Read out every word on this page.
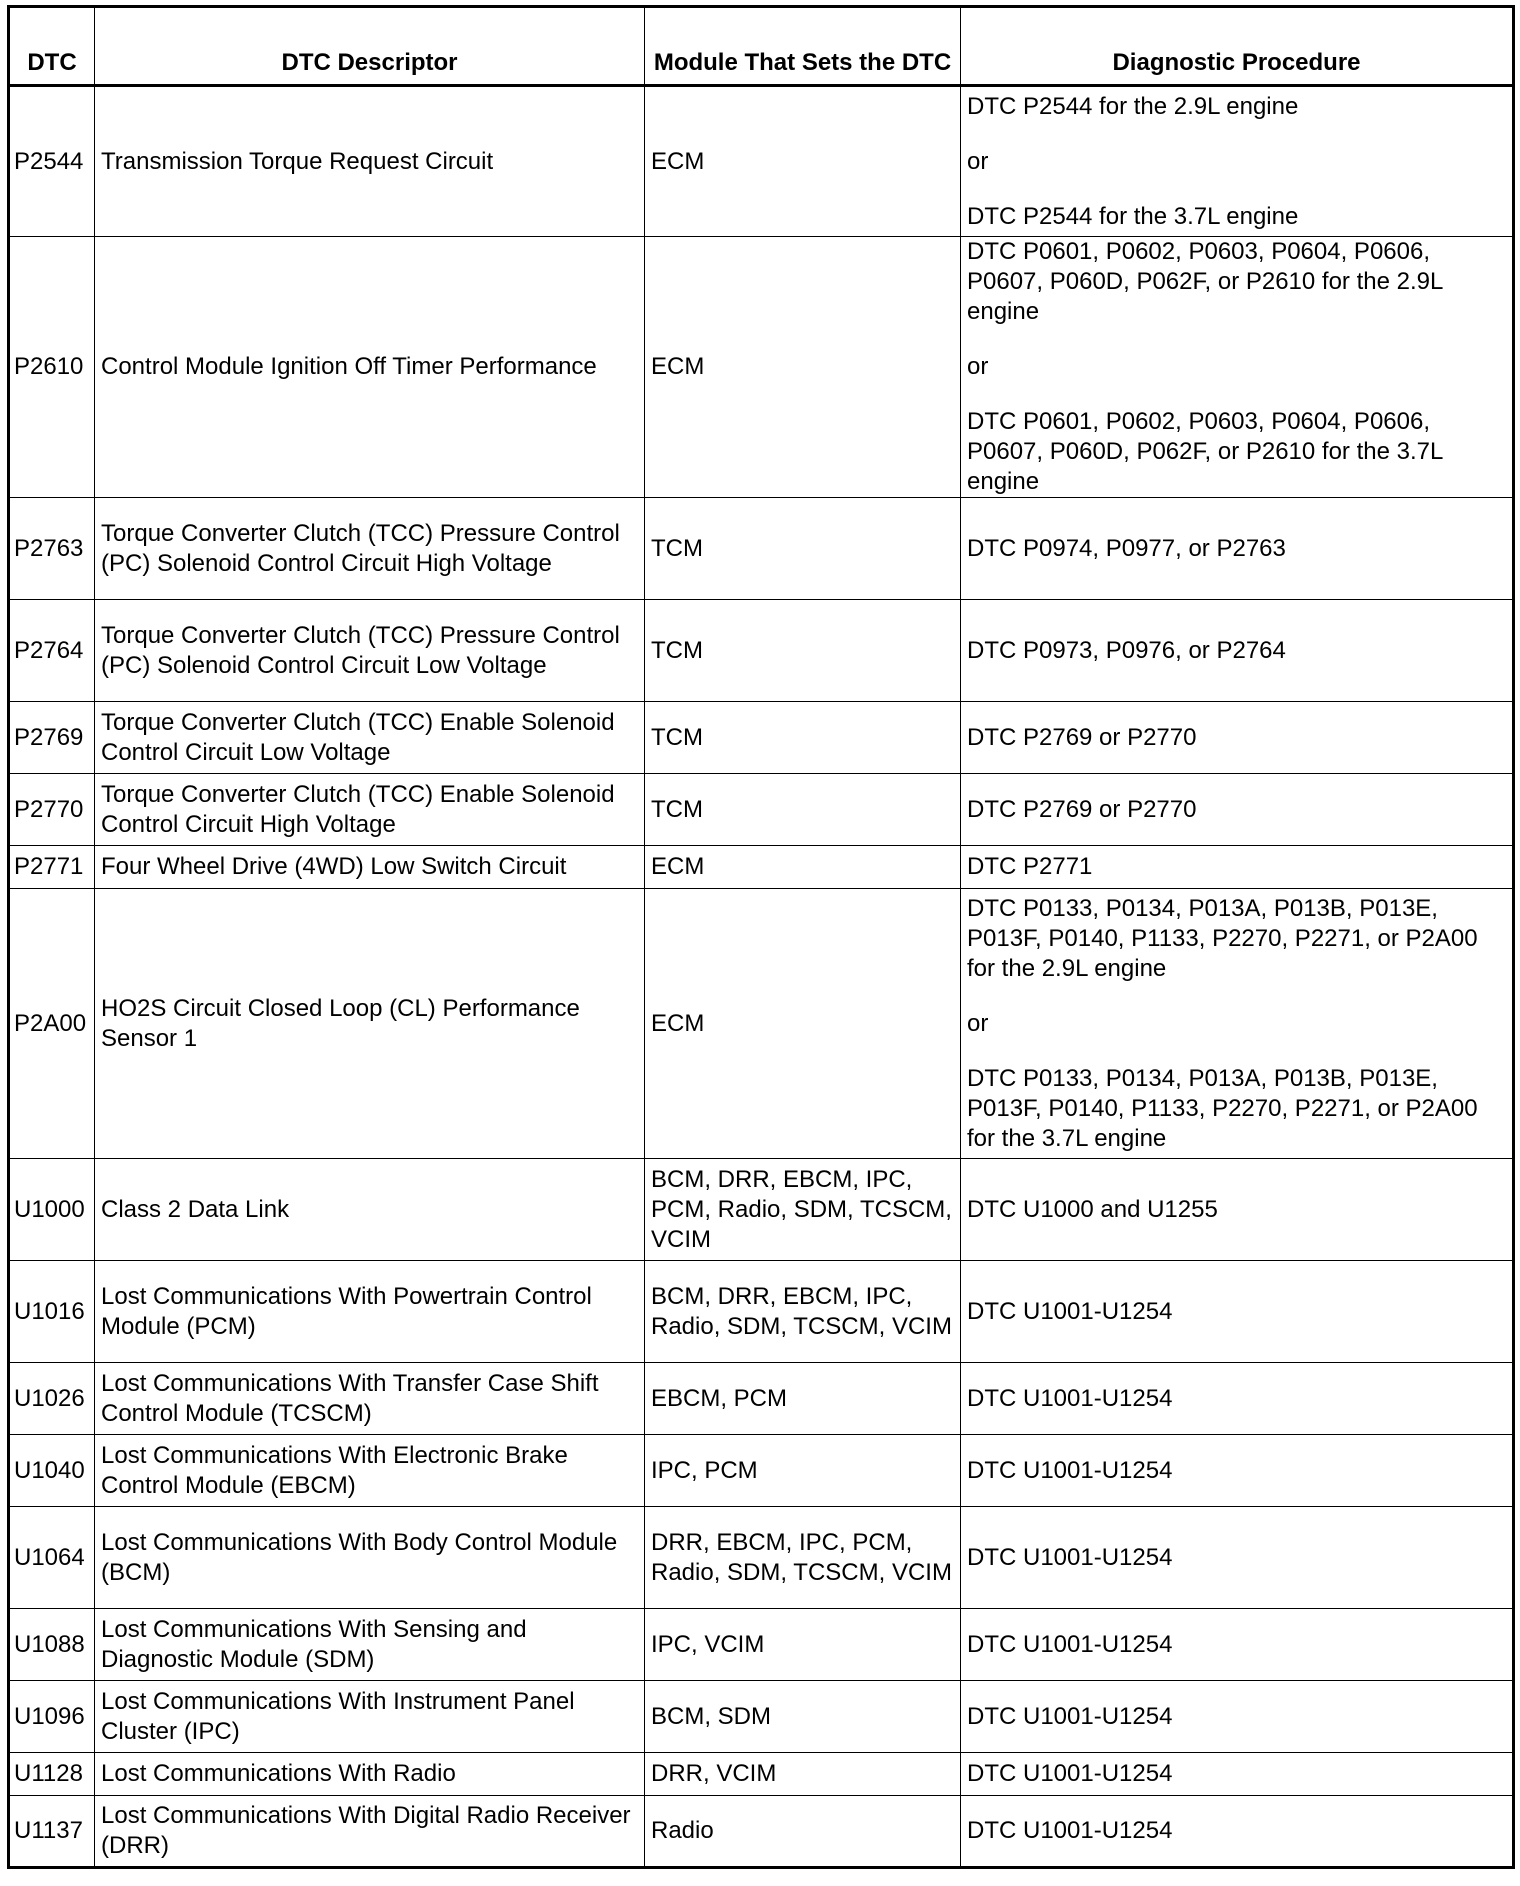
DTC	DTC Descriptor	Module That Sets the DTC	Diagnostic Procedure
P2544	Transmission Torque Request Circuit	ECM	DTC P2544 for the 2.9L engine

or

DTC P2544 for the 3.7L engine

P2610	Control Module Ignition Off Timer Performance	ECM	DTC P0601, P0602, P0603, P0604, P0606, P0607, P060D, P062F, or P2610 for the 2.9L engine

or

DTC P0601, P0602, P0603, P0604, P0606, P0607, P060D, P062F, or P2610 for the 3.7L engine

P2763	Torque Converter Clutch (TCC) Pressure Control (PC) Solenoid Control Circuit High Voltage	TCM	DTC P0974, P0977, or P2763

P2764	Torque Converter Clutch (TCC) Pressure Control (PC) Solenoid Control Circuit Low Voltage	TCM	DTC P0973, P0976, or P2764

P2769	Torque Converter Clutch (TCC) Enable Solenoid Control Circuit Low Voltage	TCM	DTC P2769 or P2770

P2770	Torque Converter Clutch (TCC) Enable Solenoid Control Circuit High Voltage	TCM	DTC P2769 or P2770

P2771	Four Wheel Drive (4WD) Low Switch Circuit	ECM	DTC P2771

P2A00	HO2S Circuit Closed Loop (CL) Performance Sensor 1	ECM	DTC P0133, P0134, P013A, P013B, P013E, P013F, P0140, P1133, P2270, P2271, or P2A00 for the 2.9L engine

or

DTC P0133, P0134, P013A, P013B, P013E, P013F, P0140, P1133, P2270, P2271, or P2A00 for the 3.7L engine

U1000	Class 2 Data Link	BCM, DRR, EBCM, IPC, PCM, Radio, SDM, TCSCM, VCIM	DTC U1000 and U1255

U1016	Lost Communications With Powertrain Control Module (PCM)	BCM, DRR, EBCM, IPC, Radio, SDM, TCSCM, VCIM	DTC U1001-U1254

U1026	Lost Communications With Transfer Case Shift Control Module (TCSCM)	EBCM, PCM	DTC U1001-U1254

U1040	Lost Communications With Electronic Brake Control Module (EBCM)	IPC, PCM	DTC U1001-U1254

U1064	Lost Communications With Body Control Module (BCM)	DRR, EBCM, IPC, PCM, Radio, SDM, TCSCM, VCIM	DTC U1001-U1254

U1088	Lost Communications With Sensing and Diagnostic Module (SDM)	IPC, VCIM	DTC U1001-U1254

U1096	Lost Communications With Instrument Panel Cluster (IPC)	BCM, SDM	DTC U1001-U1254

U1128	Lost Communications With Radio	DRR, VCIM	DTC U1001-U1254

U1137	Lost Communications With Digital Radio Receiver (DRR)	Radio	DTC U1001-U1254
